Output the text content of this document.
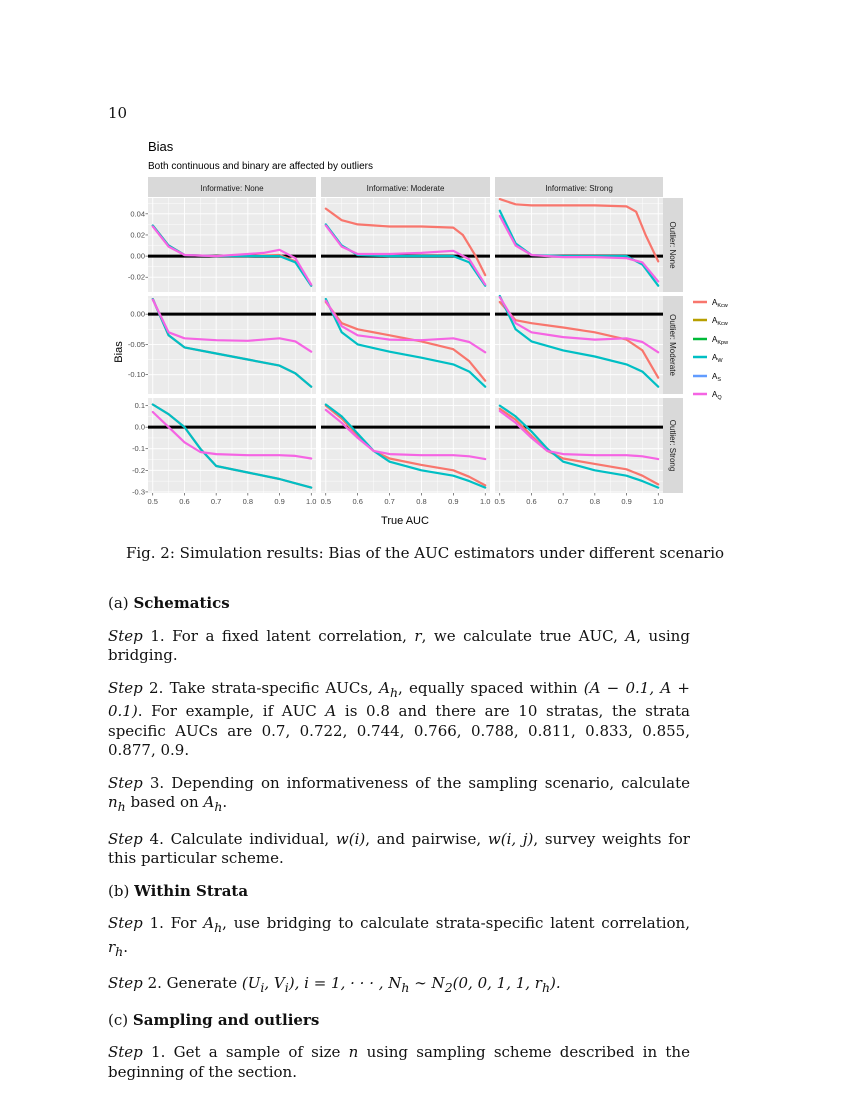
10
Bias
Both continuous and binary are affected by outliers
Bias
True AUC
Informative: None	Informative: Moderate	Informative: Strong
Outlier: None
Outlier: Moderate
Outlier: Strong
0.04
0.02
0.00
-0.02
0.00
-0.05
-0.10
0.1
0.0
-0.1
-0.2
-0.3
0.5	0.6	0.7	0.8	0.9	1.0 0.5	0.6	0.7	0.8	0.9	1.0 0.5	0.6	0.7	0.8	0.9	1.0
$A_{Kcw}$
$A_{Kcw}$
$A_{Kpw}$
$A_W$
$A_S$
$A_Q$
Fig. 2: Simulation results: Bias of the AUC estimators under different scenario

(a) Schematics

Step 1. For a fixed latent correlation, r, we calculate true AUC, A, using bridging.

Step 2. Take strata-specific AUCs, $A_h$, equally spaced within (A − 0.1, A + 0.1). For example, if AUC A is 0.8 and there are 10 stratas, the strata specific AUCs are 0.7, 0.722, 0.744, 0.766, 0.788, 0.811, 0.833, 0.855, 0.877, 0.9.

Step 3. Depending on informativeness of the sampling scenario, calculate $n_h$ based on $A_h$.

Step 4. Calculate individual, w(i), and pairwise, w(i, j), survey weights for this particular scheme.

(b) Within Strata

Step 1. For $A_h$, use bridging to calculate strata-specific latent correlation, $r_h$.

Step 2. Generate ($U_i$, $V_i$), i = 1, · · · , $N_h$ ∼ $N_2(0$, 0, 1, 1, $r_h$).

(c) Sampling and outliers

Step 1. Get a sample of size n using sampling scheme described in the beginning of the section.
